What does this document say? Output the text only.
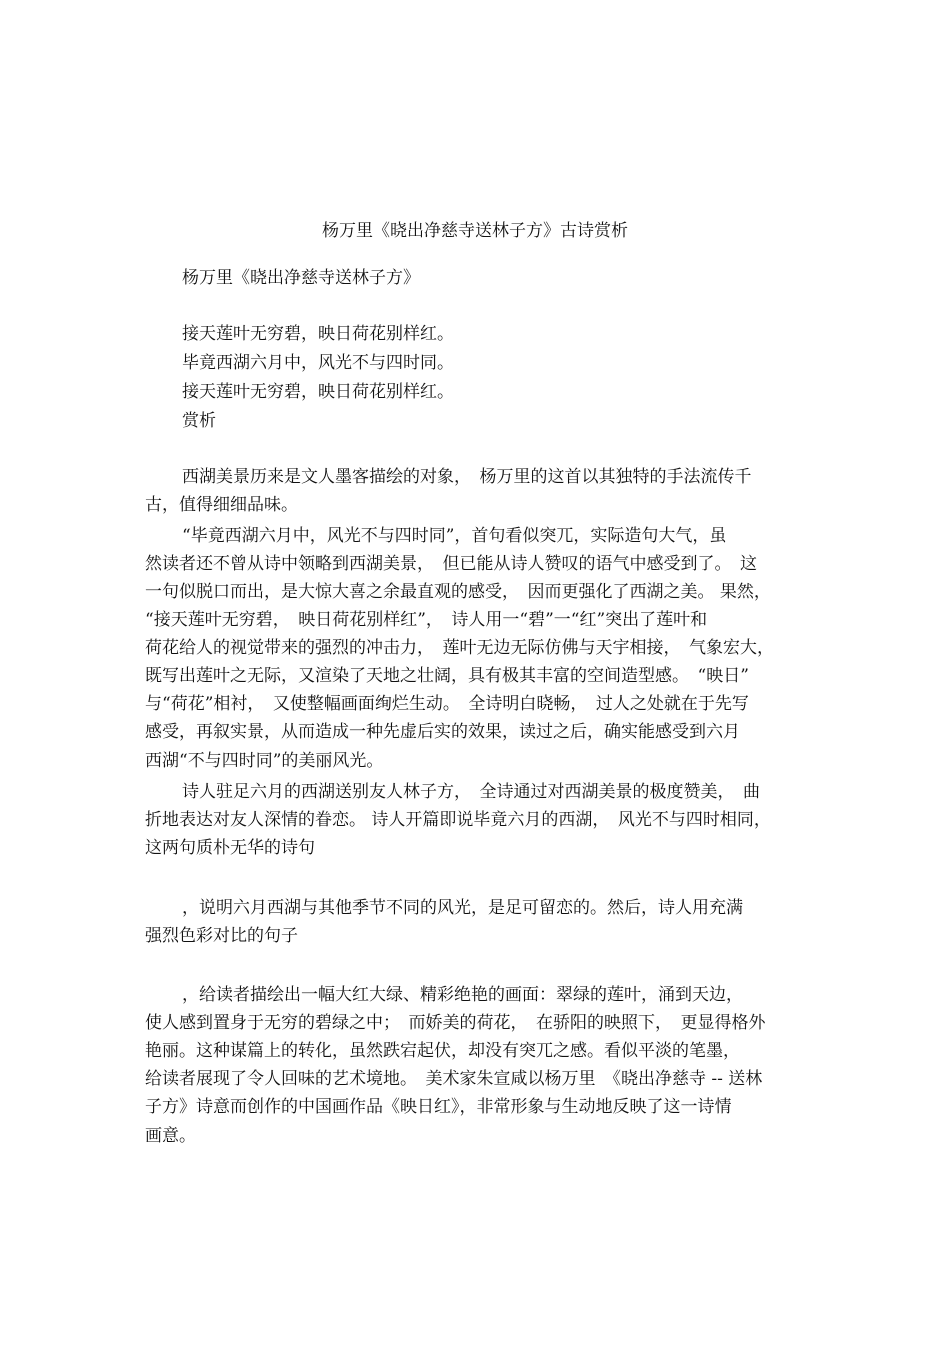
杨万里《晓出净慈寺送林子方》古诗赏析
杨万里《晓出净慈寺送林子方》
接天莲叶无穷碧，映日荷花别样红。
毕竟西湖六月中，风光不与四时同。
接天莲叶无穷碧，映日荷花别样红。
赏析
西湖美景历来是文人墨客描绘的对象，　杨万里的这首以其独特的手法流传千
古，值得细细品味。
“毕竟西湖六月中，风光不与四时同”，首句看似突兀，实际造句大气，虽
然读者还不曾从诗中领略到西湖美景，　但已能从诗人赞叹的语气中感受到了。　这
一句似脱口而出，是大惊大喜之余最直观的感受，　因而更强化了西湖之美。 果然，
“接天莲叶无穷碧，　映日荷花别样红”，　诗人用一“碧”一“红”突出了莲叶和
荷花给人的视觉带来的强烈的冲击力，　莲叶无边无际仿佛与天宇相接，　气象宏大，
既写出莲叶之无际，又渲染了天地之壮阔，具有极其丰富的空间造型感。　“映日”
与“荷花”相衬，　又使整幅画面绚烂生动。　全诗明白晓畅，　过人之处就在于先写
感受，再叙实景，从而造成一种先虚后实的效果，读过之后，确实能感受到六月
西湖“不与四时同”的美丽风光。
诗人驻足六月的西湖送别友人林子方，　全诗通过对西湖美景的极度赞美，　曲
折地表达对友人深情的眷恋。 诗人开篇即说毕竟六月的西湖，　风光不与四时相同，
这两句质朴无华的诗句
，说明六月西湖与其他季节不同的风光，是足可留恋的。然后，诗人用充满
强烈色彩对比的句子
，给读者描绘出一幅大红大绿、精彩绝艳的画面：翠绿的莲叶，涌到天边，
使人感到置身于无穷的碧绿之中；　而娇美的荷花，　在骄阳的映照下，　更显得格外
艳丽。这种谋篇上的转化，虽然跌宕起伏，却没有突兀之感。看似平淡的笔墨，
给读者展现了令人回味的艺术境地。　美术家朱宣咸以杨万里　《晓出净慈寺 -- 送林
子方》诗意而创作的中国画作品《映日红》，非常形象与生动地反映了这一诗情
画意。
